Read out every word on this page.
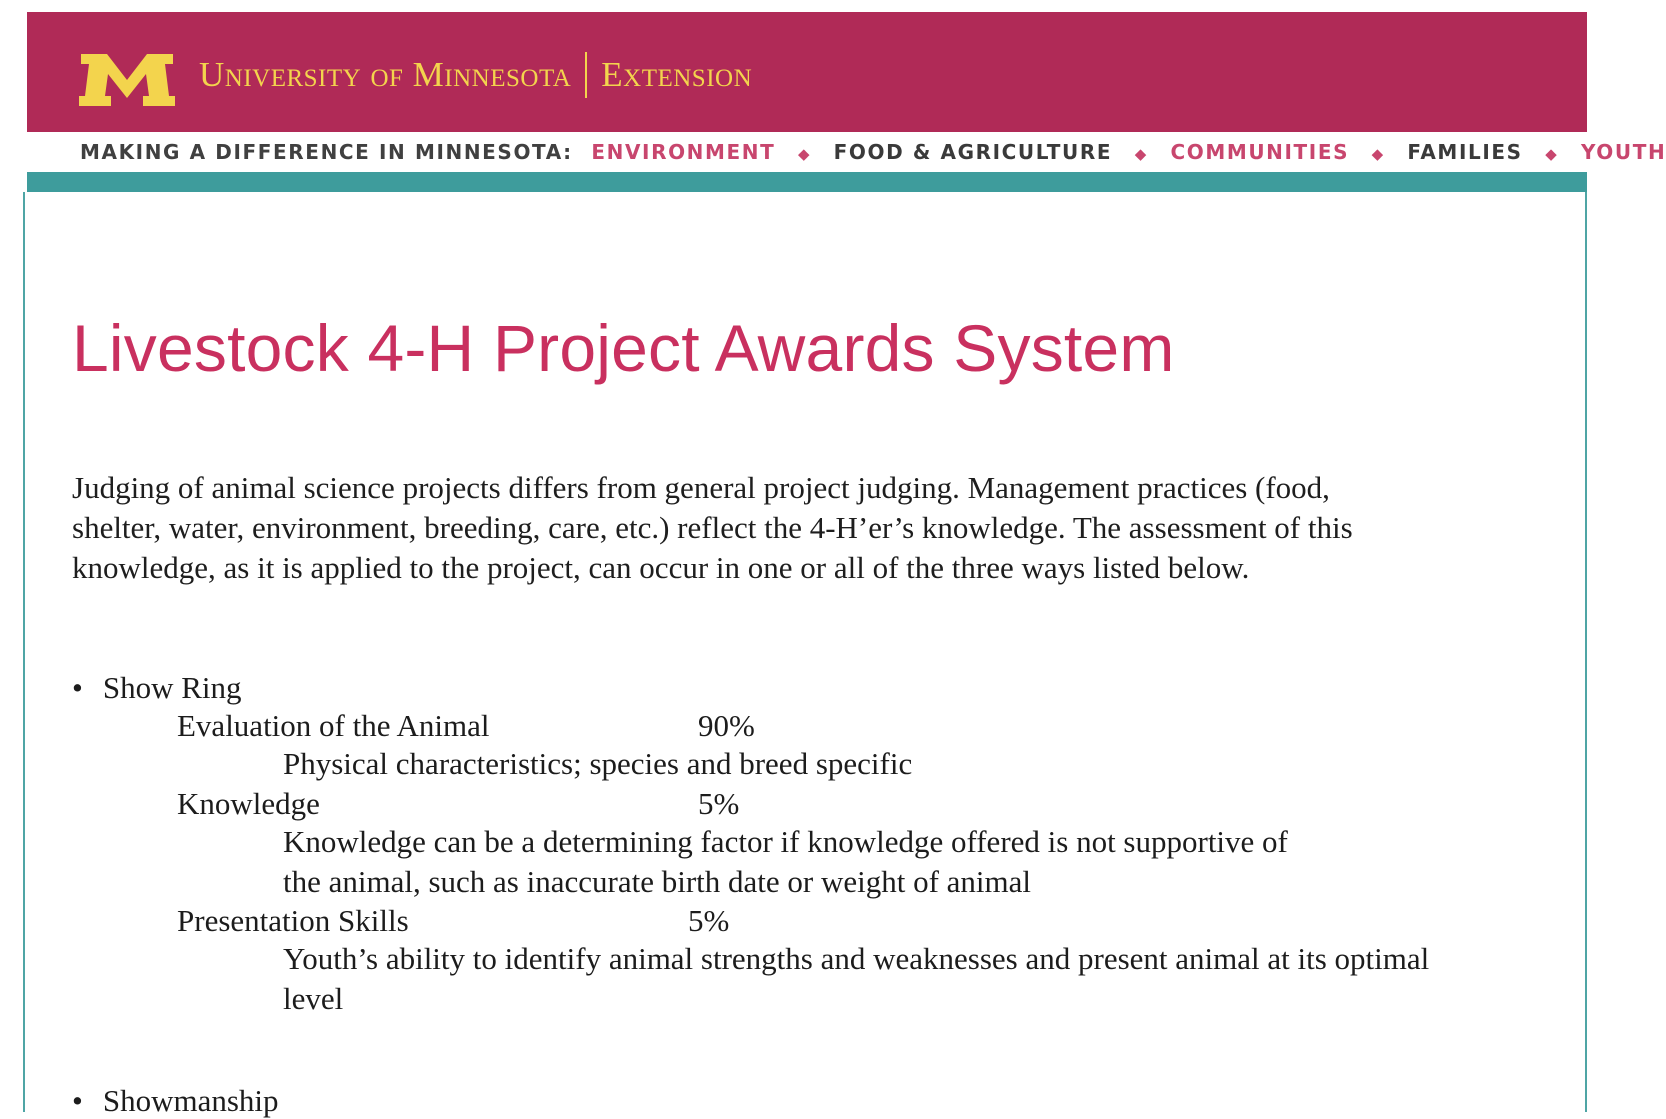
University of Minnesota Extension
MAKING A DIFFERENCE IN MINNESOTA: ENVIRONMENT ◆ FOOD & AGRICULTURE ◆ COMMUNITIES ◆ FAMILIES ◆ YOUTH
Livestock 4-H Project Awards System
Judging of animal science projects differs from general project judging. Management practices (food, shelter, water, environment, breeding, care, etc.) reflect the 4-H’er’s knowledge. The assessment of this knowledge, as it is applied to the project, can occur in one or all of the three ways listed below.
• Show Ring
Evaluation of the Animal	90%
Physical characteristics; species and breed specific
Knowledge	5%
Knowledge can be a determining factor if knowledge offered is not supportive of the animal, such as inaccurate birth date or weight of animal
Presentation Skills	5%
Youth’s ability to identify animal strengths and weaknesses and present animal at its optimal level
• Showmanship
